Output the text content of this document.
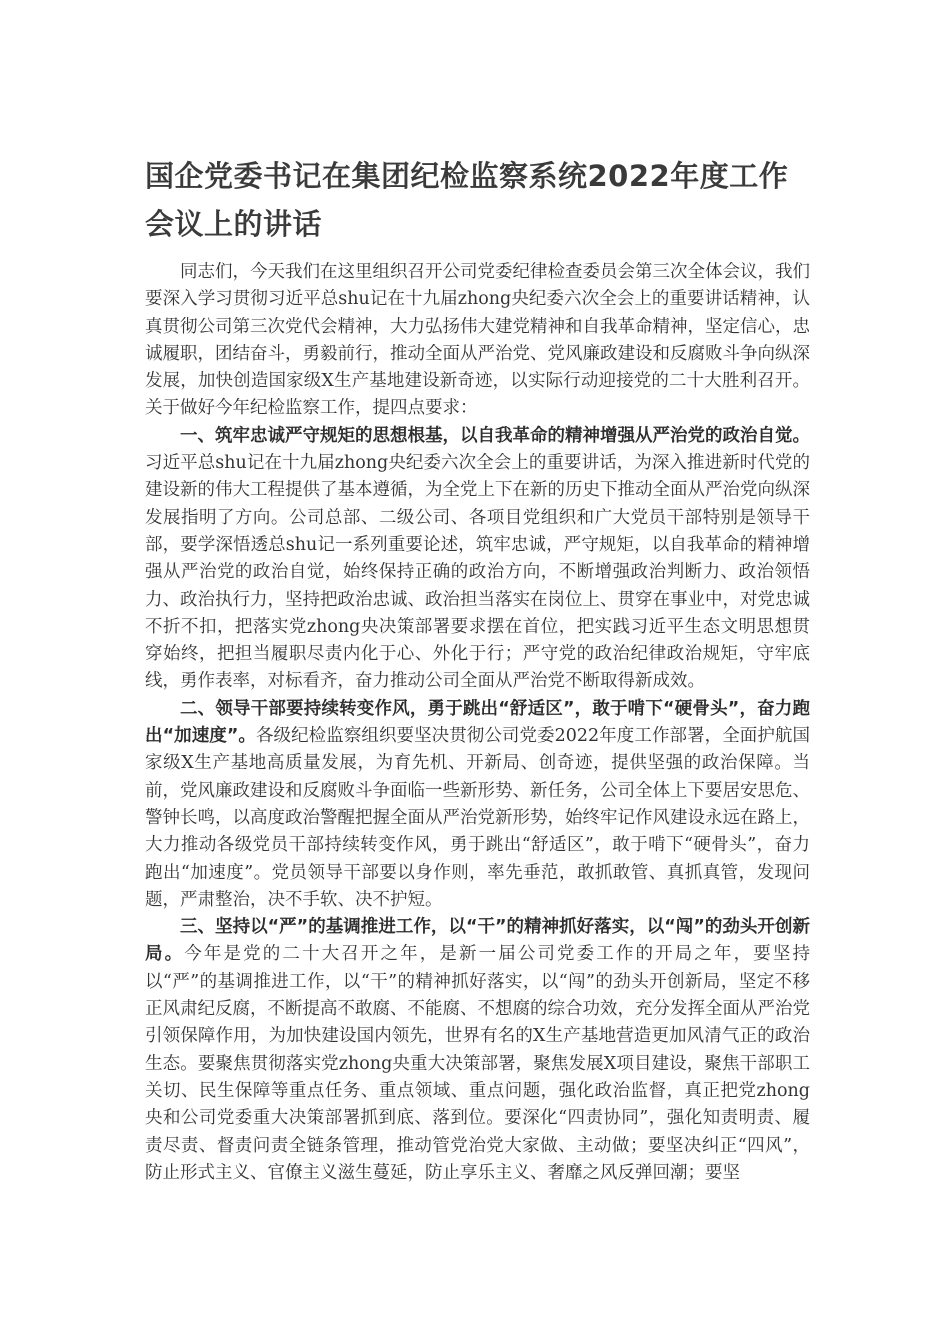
国企党委书记在集团纪检监察系统2022年度工作会议上的讲话

同志们，今天我们在这里组织召开公司党委纪律检查委员会第三次全体会议，我们要深入学习贯彻习近平总shu记在十九届zhong央纪委六次全会上的重要讲话精神，认真贯彻公司第三次党代会精神，大力弘扬伟大建党精神和自我革命精神，坚定信心，忠诚履职，团结奋斗，勇毅前行，推动全面从严治党、党风廉政建设和反腐败斗争向纵深发展，加快创造国家级X生产基地建设新奇迹，以实际行动迎接党的二十大胜利召开。关于做好今年纪检监察工作，提四点要求：

一、筑牢忠诚严守规矩的思想根基，以自我革命的精神增强从严治党的政治自觉。习近平总shu记在十九届zhong央纪委六次全会上的重要讲话，为深入推进新时代党的建设新的伟大工程提供了基本遵循，为全党上下在新的历史下推动全面从严治党向纵深发展指明了方向。公司总部、二级公司、各项目党组织和广大党员干部特别是领导干部，要学深悟透总shu记一系列重要论述，筑牢忠诚，严守规矩，以自我革命的精神增强从严治党的政治自觉，始终保持正确的政治方向，不断增强政治判断力、政治领悟力、政治执行力，坚持把政治忠诚、政治担当落实在岗位上、贯穿在事业中，对党忠诚不折不扣，把落实党zhong央决策部署要求摆在首位，把实践习近平生态文明思想贯穿始终，把担当履职尽责内化于心、外化于行；严守党的政治纪律政治规矩，守牢底线，勇作表率，对标看齐，奋力推动公司全面从严治党不断取得新成效。

二、领导干部要持续转变作风，勇于跳出“舒适区”，敢于啃下“硬骨头”，奋力跑出“加速度”。各级纪检监察组织要坚决贯彻公司党委2022年度工作部署，全面护航国家级X生产基地高质量发展，为育先机、开新局、创奇迹，提供坚强的政治保障。当前，党风廉政建设和反腐败斗争面临一些新形势、新任务，公司全体上下要居安思危、警钟长鸣，以高度政治警醒把握全面从严治党新形势，始终牢记作风建设永远在路上，大力推动各级党员干部持续转变作风，勇于跳出“舒适区”，敢于啃下“硬骨头”，奋力跑出“加速度”。党员领导干部要以身作则，率先垂范，敢抓敢管、真抓真管，发现问题，严肃整治，决不手软、决不护短。

三、坚持以“严”的基调推进工作，以“干”的精神抓好落实，以“闯”的劲头开创新局。今年是党的二十大召开之年，是新一届公司党委工作的开局之年，要坚持以“严”的基调推进工作，以“干”的精神抓好落实，以“闯”的劲头开创新局，坚定不移正风肃纪反腐，不断提高不敢腐、不能腐、不想腐的综合功效，充分发挥全面从严治党引领保障作用，为加快建设国内领先，世界有名的X生产基地营造更加风清气正的政治生态。要聚焦贯彻落实党zhong央重大决策部署，聚焦发展X项目建设，聚焦干部职工关切、民生保障等重点任务、重点领域、重点问题，强化政治监督，真正把党zhong央和公司党委重大决策部署抓到底、落到位。要深化“四责协同”，强化知责明责、履责尽责、督责问责全链条管理，推动管党治党大家做、主动做；要坚决纠正“四风”，防止形式主义、官僚主义滋生蔓延，防止享乐主义、奢靡之风反弹回潮；要坚
